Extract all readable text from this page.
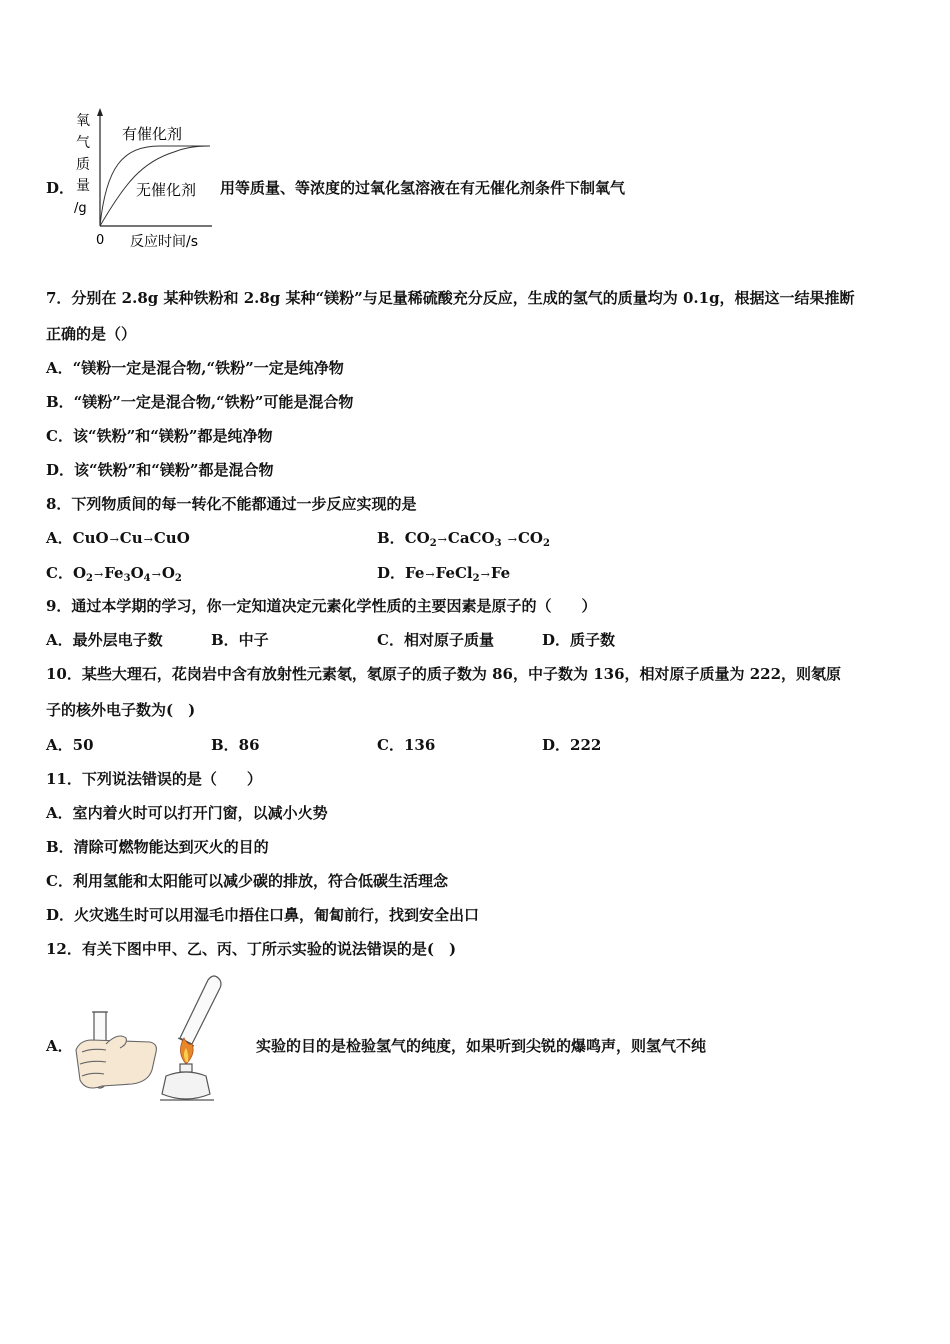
D．
氧
气
质
量
/g
有催化剂
无催化剂
0 反应时间/s
用等质量、等浓度的过氧化氢溶液在有无催化剂条件下制氧气
7．分别在 2.8g 某种铁粉和 2.8g 某种“镁粉”与足量稀硫酸充分反应，生成的氢气的质量均为 0.1g，根据这一结果推断
正确的是（）
A．“镁粉一定是混合物,“铁粉”一定是纯净物
B．“镁粉”一定是混合物,“铁粉”可能是混合物
C．该“铁粉”和“镁粉”都是纯净物
D．该“铁粉”和“镁粉”都是混合物
8．下列物质间的每一转化不能都通过一步反应实现的是
A．CuO→Cu→CuO	B．$CO_2\to CaCO_3 \to CO_2$
C．$O_2\to Fe_3O_4\to O_2$	D．Fe→FeCl$_2$→Fe
9．通过本学期的学习，你一定知道决定元素化学性质的主要因素是原子的（　　）
A．最外层电子数	B．中子	C．相对原子质量	D．质子数
10．某些大理石，花岗岩中含有放射性元素氡，氡原子的质子数为 86，中子数为 136，相对原子质量为 222，则氡原
子的核外电子数为(　)
A．50	B．86	C．136	D．222
11．下列说法错误的是（　　）
A．室内着火时可以打开门窗，以减小火势
B．清除可燃物能达到灭火的目的
C．利用氢能和太阳能可以减少碳的排放，符合低碳生活理念
D．火灾逃生时可以用湿毛巾捂住口鼻，匍匐前行，找到安全出口
12．有关下图中甲、乙、丙、丁所示实验的说法错误的是(　)
A．	实验的目的是检验氢气的纯度，如果听到尖锐的爆鸣声，则氢气不纯
